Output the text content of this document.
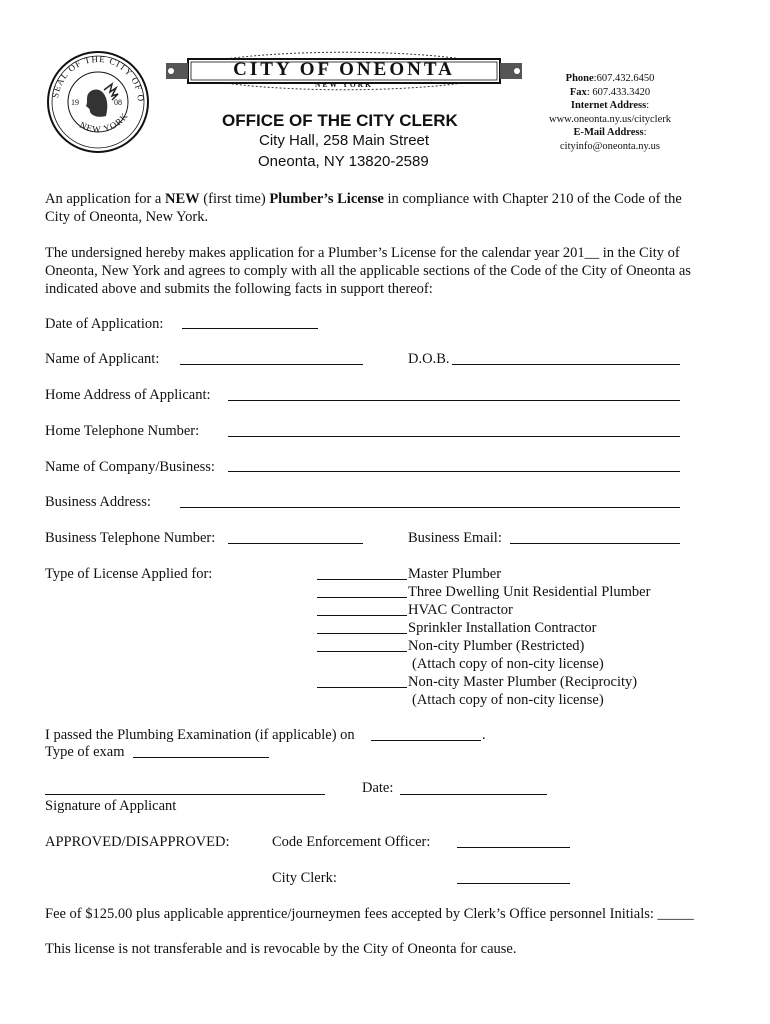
SEAL OF THE CITY OF O
NEW YORK
19	08
CITY OF ONEONTA
NEW YORK
OFFICE OF THE CITY CLERK
City Hall, 258 Main Street
Oneonta, NY 13820-2589
Phone:607.432.6450
Fax: 607.433.3420
Internet Address:
www.oneonta.ny.us/cityclerk
E-Mail Address:
cityinfo@oneonta.ny.us
An application for a NEW (first time) Plumber’s License in compliance with Chapter 210 of the Code of the
City of Oneonta, New York.
The undersigned hereby makes application for a Plumber’s License for the calendar year 201__ in the City of
Oneonta, New York and agrees to comply with all the applicable sections of the Code of the City of Oneonta as
indicated above and submits the following facts in support thereof:
Date of Application:
Name of Applicant:	D.O.B.
Home Address of Applicant:
Home Telephone Number:
Name of Company/Business:
Business Address:
Business Telephone Number:	Business Email:
Type of License Applied for:	Master Plumber
Three Dwelling Unit Residential Plumber
HVAC Contractor
Sprinkler Installation Contractor
Non-city Plumber (Restricted)
(Attach copy of non-city license)
Non-city Master Plumber (Reciprocity)
(Attach copy of non-city license)
I passed the Plumbing Examination (if applicable) on	.
Type of exam
Date:
Signature of Applicant
APPROVED/DISAPPROVED:	Code Enforcement Officer:
City Clerk:
Fee of $125.00 plus applicable apprentice/journeymen fees accepted by Clerk’s Office personnel Initials: _____
This license is not transferable and is revocable by the City of Oneonta for cause.
